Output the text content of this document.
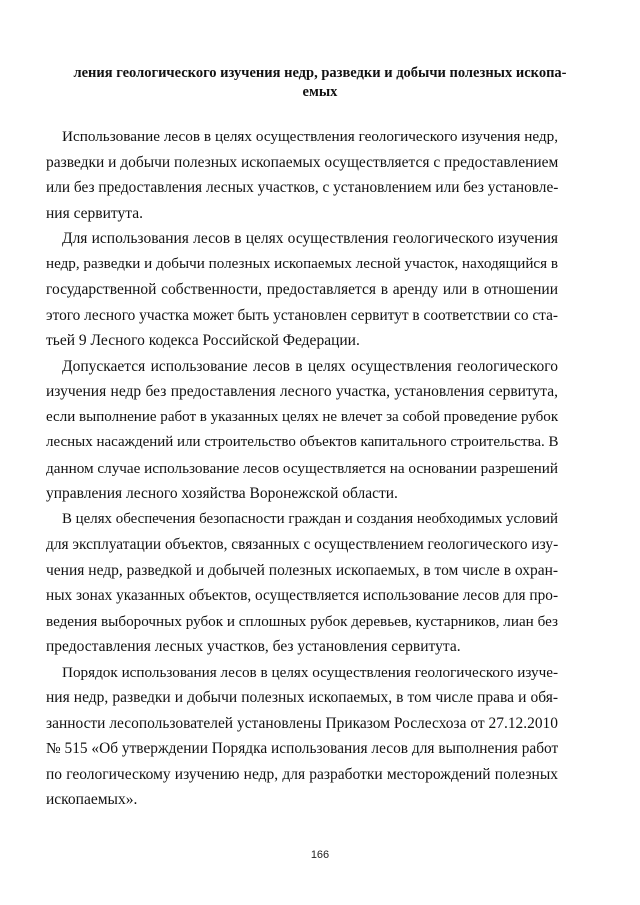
ления геологического изучения недр, разведки и добычи полезных ископа-
емых
Использование лесов в целях осуществления геологического изучения недр,
разведки и добычи полезных ископаемых осуществляется с предоставлением
или без предоставления лесных участков, с установлением или без установле-
ния сервитута.
Для использования лесов в целях осуществления геологического изучения
недр, разведки и добычи полезных ископаемых лесной участок, находящийся в
государственной собственности, предоставляется в аренду или в отношении
этого лесного участка может быть установлен сервитут в соответствии со ста-
тьей 9 Лесного кодекса Российской Федерации.
Допускается использование лесов в целях осуществления геологического
изучения недр без предоставления лесного участка, установления сервитута,
если выполнение работ в указанных целях не влечет за собой проведение рубок
лесных насаждений или строительство объектов капитального строительства. В
данном случае использование лесов осуществляется на основании разрешений
управления лесного хозяйства Воронежской области.
В целях обеспечения безопасности граждан и создания необходимых условий
для эксплуатации объектов, связанных с осуществлением геологического изу-
чения недр, разведкой и добычей полезных ископаемых, в том числе в охран-
ных зонах указанных объектов, осуществляется использование лесов для про-
ведения выборочных рубок и сплошных рубок деревьев, кустарников, лиан без
предоставления лесных участков, без установления сервитута.
Порядок использования лесов в целях осуществления геологического изуче-
ния недр, разведки и добычи полезных ископаемых, в том числе права и обя-
занности лесопользователей установлены Приказом Рослесхоза от 27.12.2010
№ 515 «Об утверждении Порядка использования лесов для выполнения работ
по геологическому изучению недр, для разработки месторождений полезных
ископаемых».
166
